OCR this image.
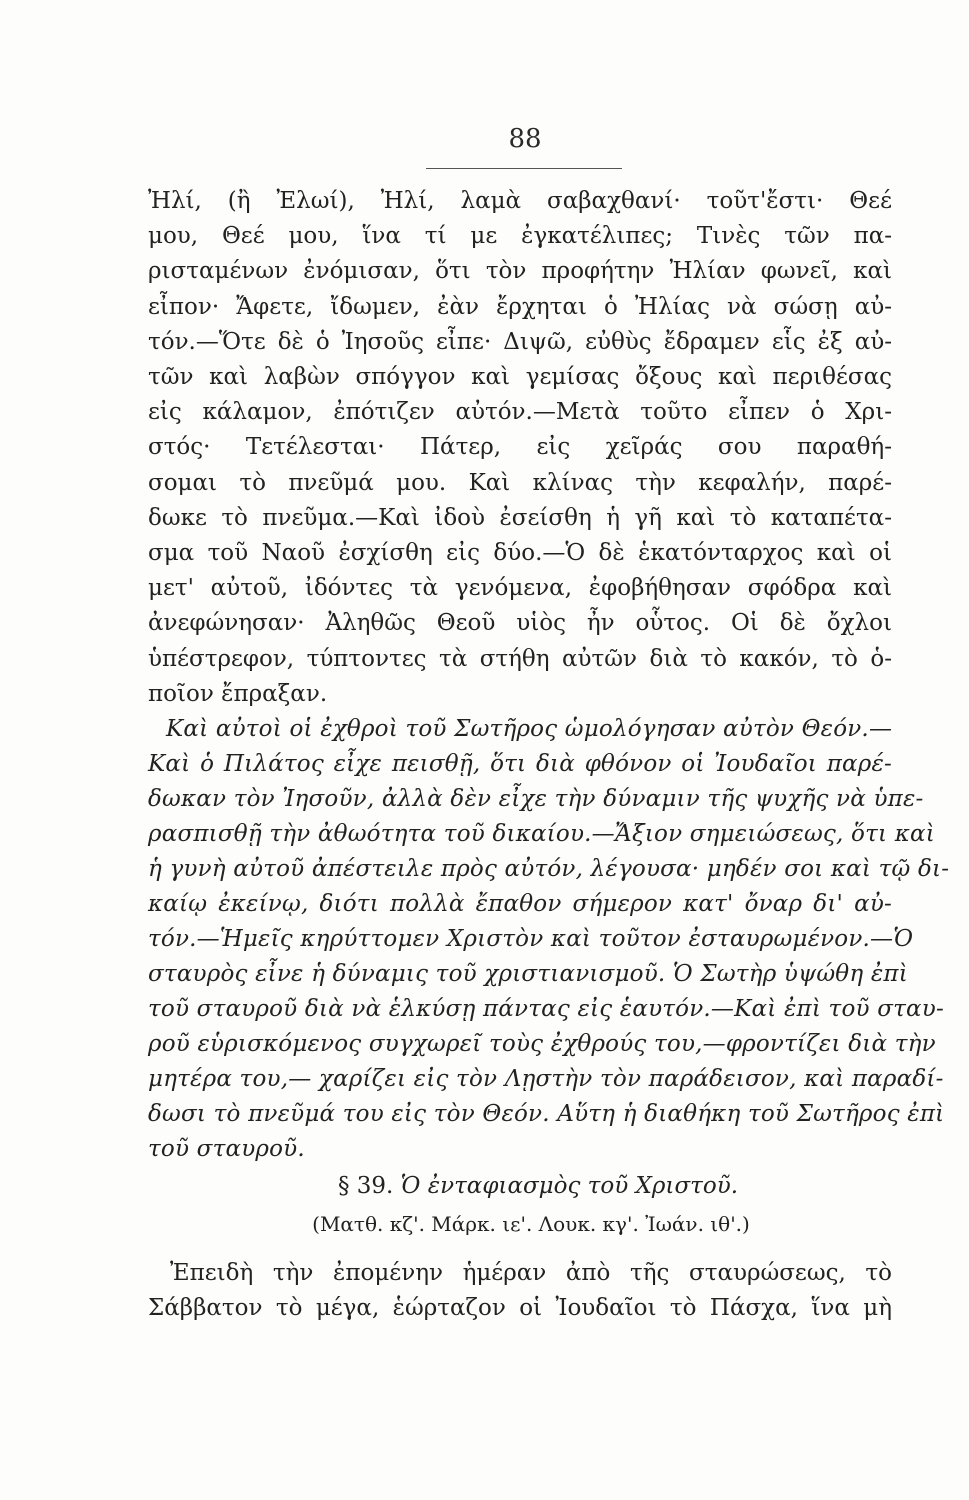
88
Ἠλί, (ἢ Ἐλωί), Ἠλί, λαμὰ σαβαχθανί· τοῦτ'ἔστι· Θεέ
μου, Θεέ μου, ἵνα τί με ἐγκατέλιπες; Τινὲς τῶν πα-
ρισταμένων ἐνόμισαν, ὅτι τὸν προφήτην Ἠλίαν φωνεῖ, καὶ
εἶπον· Ἄφετε, ἴδωμεν, ἐὰν ἔρχηται ὁ Ἠλίας νὰ σώσῃ αὐ-
τόν.—Ὅτε δὲ ὁ Ἰησοῦς εἶπε· Διψῶ, εὐθὺς ἔδραμεν εἷς ἐξ αὐ-
τῶν καὶ λαβὼν σπόγγον καὶ γεμίσας ὄξους καὶ περιθέσας
εἰς κάλαμον, ἐπότιζεν αὐτόν.—Μετὰ τοῦτο εἶπεν ὁ Χρι-
στός· Τετέλεσται· Πάτερ, εἰς χεῖράς σου παραθή-
σομαι τὸ πνεῦμά μου. Καὶ κλίνας τὴν κεφαλήν, παρέ-
δωκε τὸ πνεῦμα.—Καὶ ἰδοὺ ἐσείσθη ἡ γῆ καὶ τὸ καταπέτα-
σμα τοῦ Ναοῦ ἐσχίσθη εἰς δύο.—Ὁ δὲ ἑκατόνταρχος καὶ οἱ
μετ' αὐτοῦ, ἰδόντες τὰ γενόμενα, ἐφοβήθησαν σφόδρα καὶ
ἀνεφώνησαν· Ἀληθῶς Θεοῦ υἱὸς ἦν οὗτος. Οἱ δὲ ὄχλοι
ὑπέστρεφον, τύπτοντες τὰ στήθη αὐτῶν διὰ τὸ κακόν, τὸ ὁ-
ποῖον ἔπραξαν.
Καὶ αὐτοὶ οἱ ἐχθροὶ τοῦ Σωτῆρος ὡμολόγησαν αὐτὸν Θεόν.—
Καὶ ὁ Πιλάτος εἶχε πεισθῇ, ὅτι διὰ φθόνον οἱ Ἰουδαῖοι παρέ-
δωκαν τὸν Ἰησοῦν, ἀλλὰ δὲν εἶχε τὴν δύναμιν τῆς ψυχῆς νὰ ὑπε-
ρασπισθῇ τὴν ἀθωότητα τοῦ δικαίου.—Ἄξιον σημειώσεως, ὅτι καὶ
ἡ γυνὴ αὐτοῦ ἀπέστειλε πρὸς αὐτόν, λέγουσα· μηδέν σοι καὶ τῷ δι-
καίῳ ἐκείνῳ, διότι πολλὰ ἔπαθον σήμερον κατ' ὄναρ δι' αὐ-
τόν.—Ἡμεῖς κηρύττομεν Χριστὸν καὶ τοῦτον ἐσταυρωμένον.—Ὁ
σταυρὸς εἶνε ἡ δύναμις τοῦ χριστιανισμοῦ. Ὁ Σωτὴρ ὑψώθη ἐπὶ
τοῦ σταυροῦ διὰ νὰ ἑλκύσῃ πάντας εἰς ἑαυτόν.—Καὶ ἐπὶ τοῦ σταυ-
ροῦ εὑρισκόμενος συγχωρεῖ τοὺς ἐχθρούς του,—φροντίζει διὰ τὴν
μητέρα του,— χαρίζει εἰς τὸν Λῃστὴν τὸν παράδεισον, καὶ παραδί-
δωσι τὸ πνεῦμά του εἰς τὸν Θεόν. Αὕτη ἡ διαθήκη τοῦ Σωτῆρος ἐπὶ
τοῦ σταυροῦ.
§ 39. Ὁ ἐνταφιασμὸς τοῦ Χριστοῦ.
(Ματθ. κζ'. Μάρκ. ιε'. Λουκ. κγ'. Ἰωάν. ιθ'.)
Ἐπειδὴ τὴν ἐπομένην ἡμέραν ἀπὸ τῆς σταυρώσεως, τὸ
Σάββατον τὸ μέγα, ἑώρταζον οἱ Ἰουδαῖοι τὸ Πάσχα, ἵνα μὴ
